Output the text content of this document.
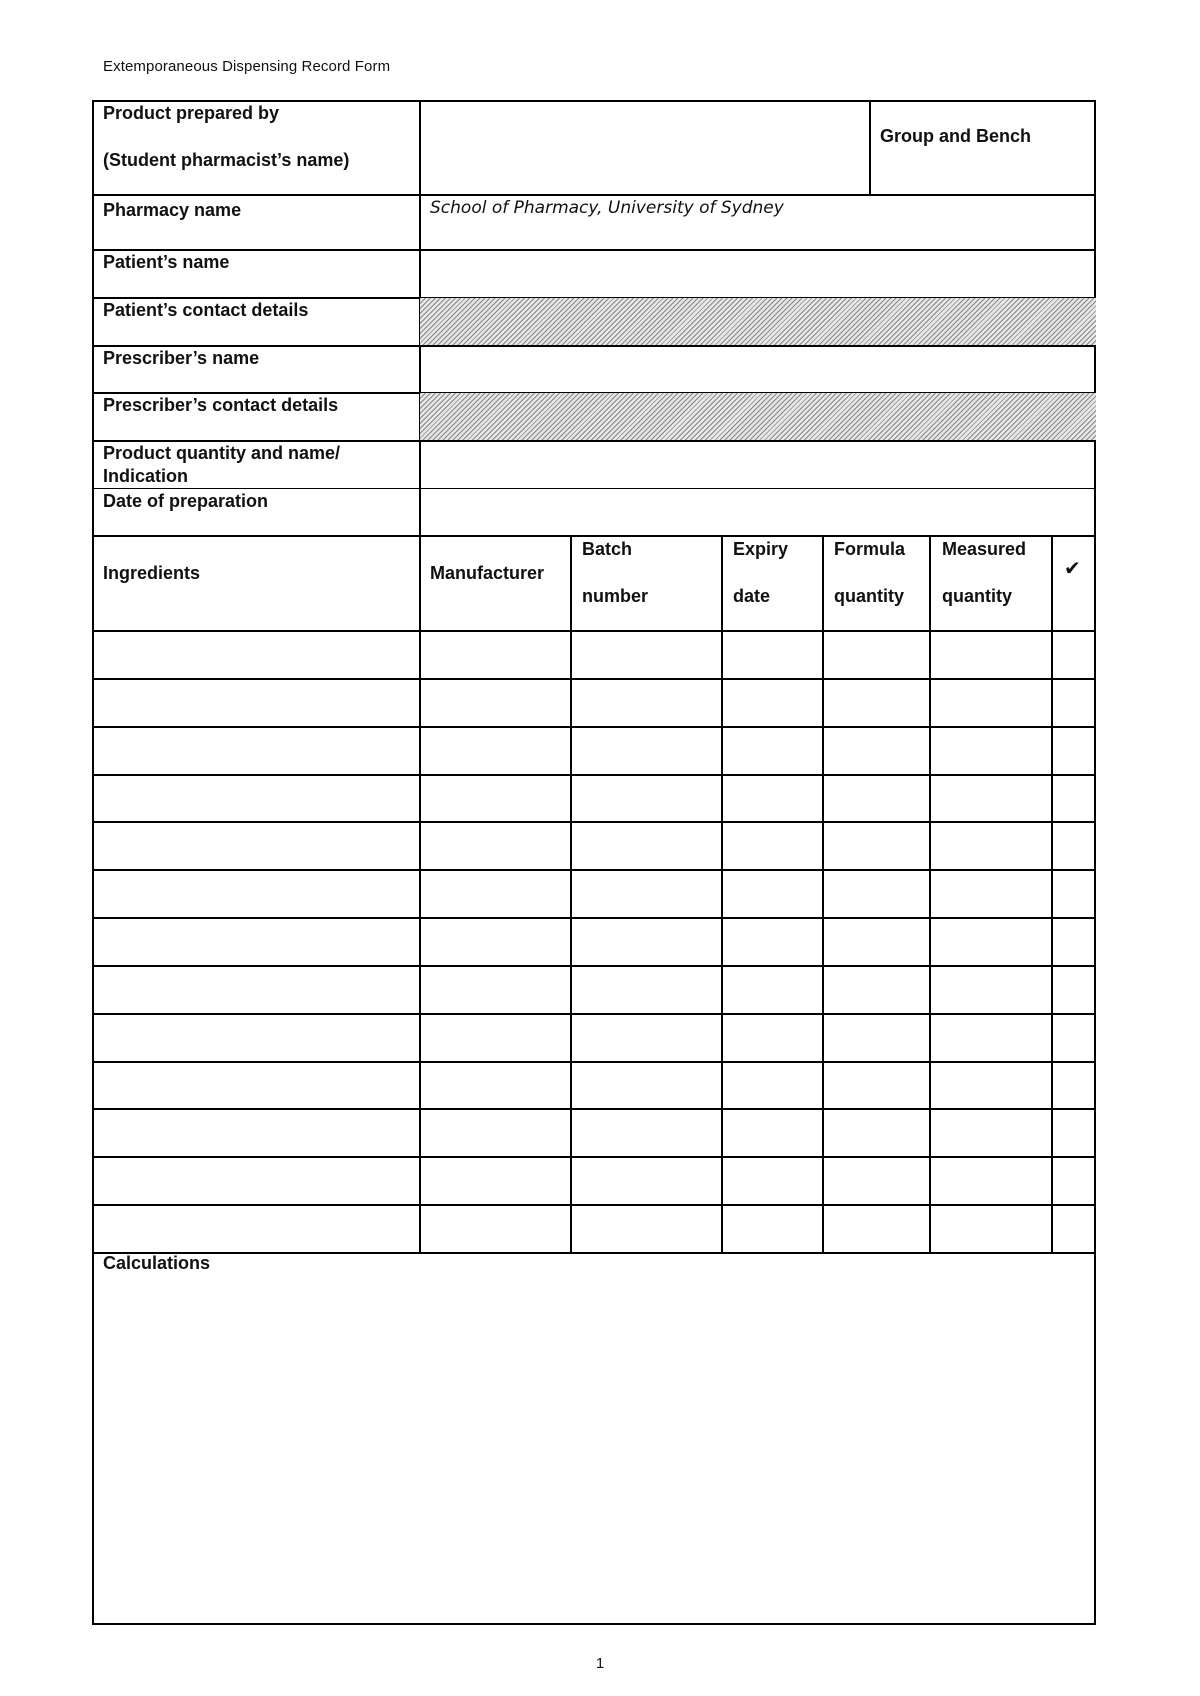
Extemporaneous Dispensing Record Form
Product prepared by
(Student pharmacist’s name)
Group and Bench
Pharmacy name	School of Pharmacy, University of Sydney
Patient’s name
Patient’s contact details
Prescriber’s name
Prescriber’s contact details
Product quantity and name/
Indication
Date of preparation
Ingredients	Manufacturer
Batch
number
Expiry
date
Formula
quantity
Measured
quantity
✔
Calculations
1
